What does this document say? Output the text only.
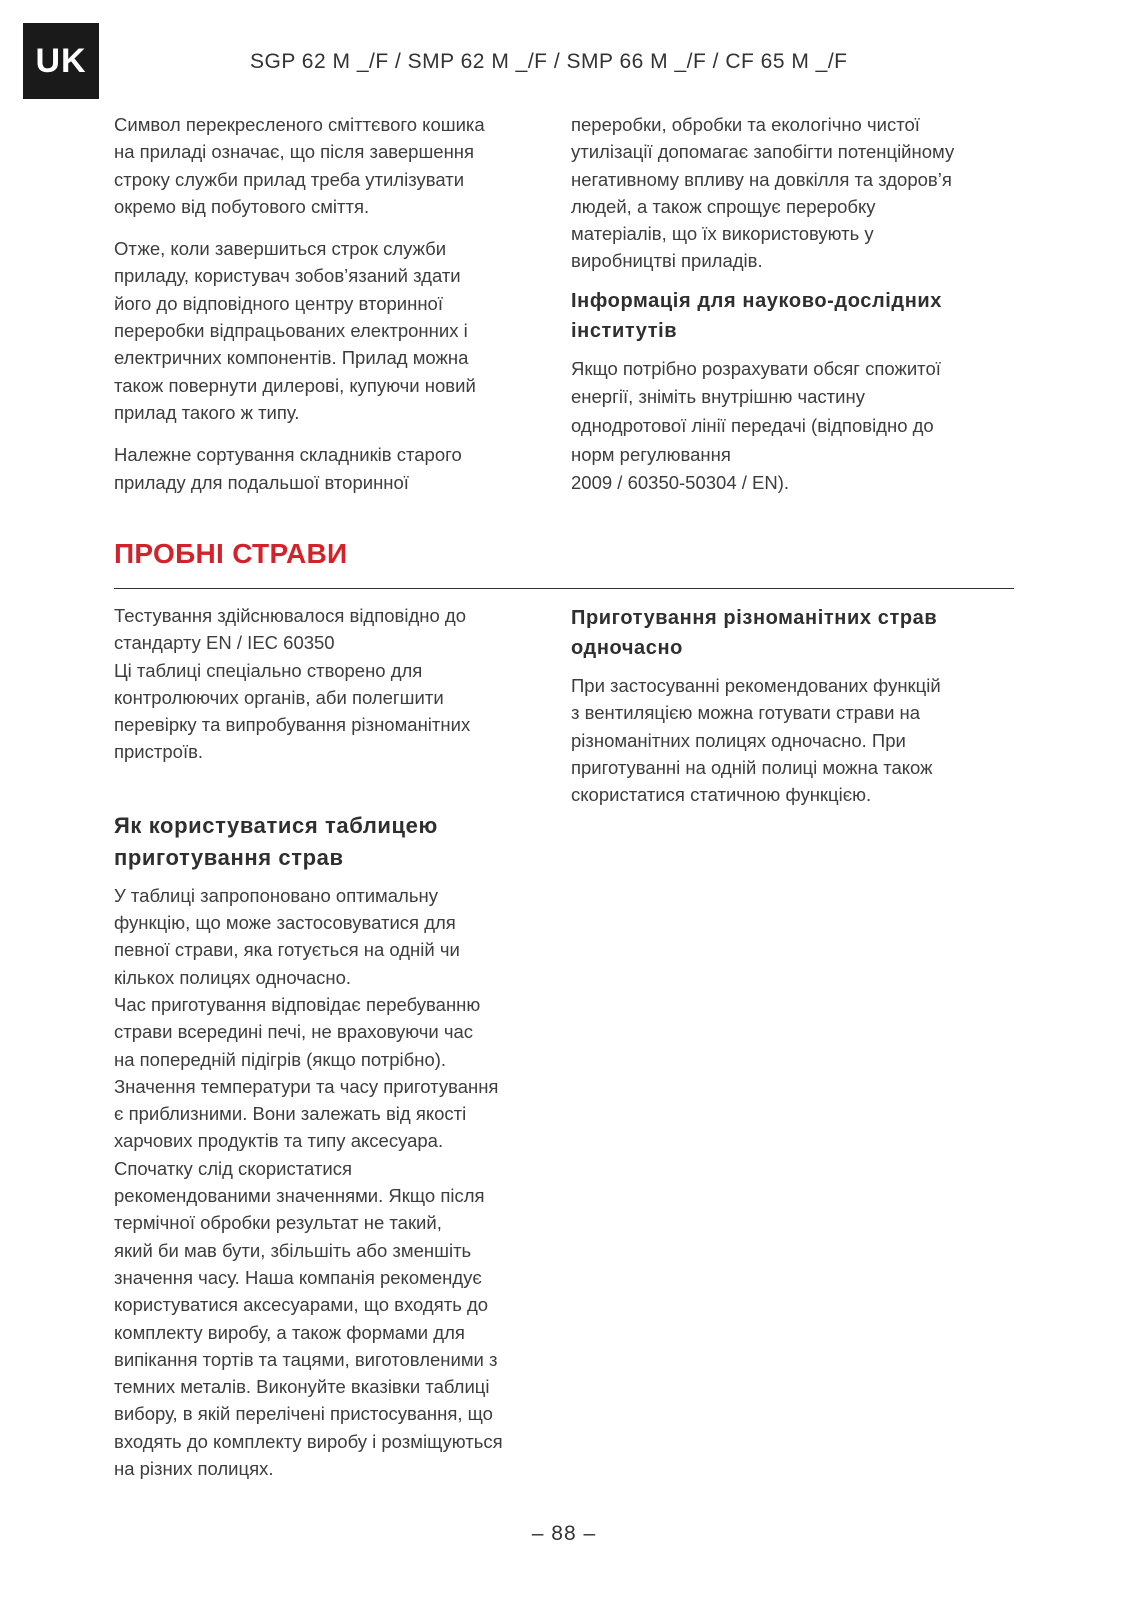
UK	SGP 62 M _/F / SMP 62 M _/F / SMP 66 M _/F / CF 65 M _/F

Символ перекресленого сміттєвого кошика
на приладі означає, що після завершення
строку служби прилад треба утилізувати
окремо від побутового сміття.

Отже, коли завершиться строк служби
приладу, користувач зобов’язаний здати
його до відповідного центру вторинної
переробки відпрацьованих електронних і
електричних компонентів. Прилад можна
також повернути дилерові, купуючи новий
прилад такого ж типу.

Належне сортування складників старого
приладу для подальшої вторинної

переробки, обробки та екологічно чистої
утилізації допомагає запобігти потенційному
негативному впливу на довкілля та здоров’я
людей, а також спрощує переробку
матеріалів, що їх використовують у
виробництві приладів.

Інформація для науково-дослідних
інститутів

Якщо потрібно розрахувати обсяг спожитої
енергії, зніміть внутрішню частину
однодротової лінії передачі (відповідно до
норм регулювання
2009 / 60350-50304 / EN).

ПРОБНІ СТРАВИ

Тестування здійснювалося відповідно до
стандарту EN / IEC 60350
Ці таблиці спеціально створено для
контролюючих органів, аби полегшити
перевірку та випробування різноманітних
пристроїв.

Як користуватися таблицею
приготування страв

У таблиці запропоновано оптимальну
функцію, що може застосовуватися для
певної страви, яка готується на одній чи
кількох полицях одночасно.
Час приготування відповідає перебуванню
страви всередині печі, не враховуючи час
на попередній підігрів (якщо потрібно).
Значення температури та часу приготування
є приблизними. Вони залежать від якості
харчових продуктів та типу аксесуара.
Спочатку слід скористатися
рекомендованими значеннями. Якщо після
термічної обробки результат не такий,
який би мав бути, збільшіть або зменшіть
значення часу. Наша компанія рекомендує
користуватися аксесуарами, що входять до
комплекту виробу, а також формами для
випікання тортів та тацями, виготовленими з
темних металів. Виконуйте вказівки таблиці
вибору, в якій перелічені пристосування, що
входять до комплекту виробу і розміщуються
на різних полицях.

Приготування різноманітних страв
одночасно

При застосуванні рекомендованих функцій
з вентиляцією можна готувати страви на
різноманітних полицях одночасно. При
приготуванні на одній полиці можна також
скористатися статичною функцією.

– 88 –
